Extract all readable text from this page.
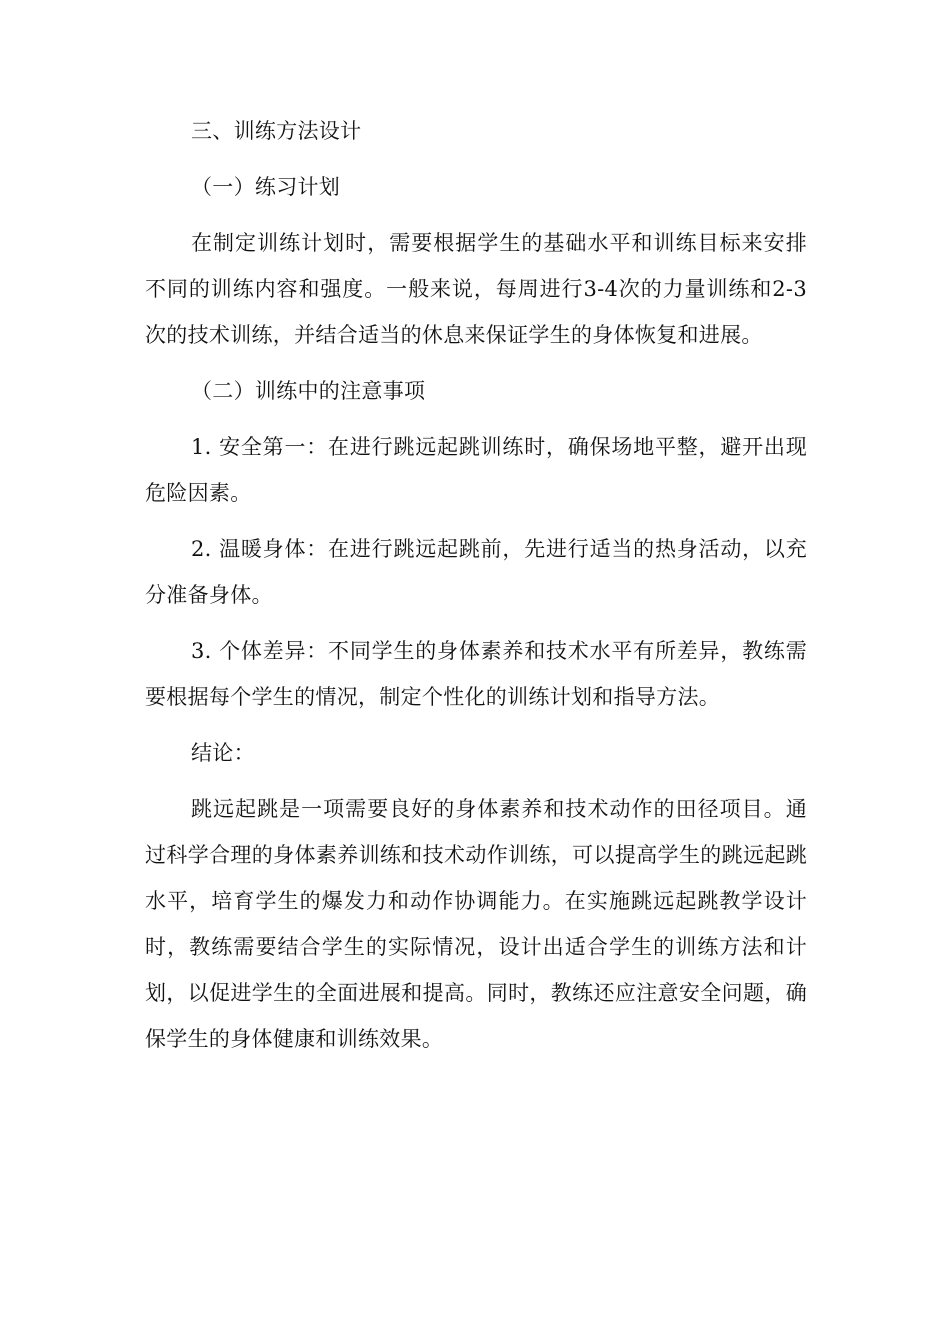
三、训练方法设计

（一）练习计划

在制定训练计划时，需要根据学生的基础水平和训练目标来安排不同的训练内容和强度。一般来说，每周进行3-4次的力量训练和2-3次的技术训练，并结合适当的休息来保证学生的身体恢复和进展。

（二）训练中的注意事项

1. 安全第一：在进行跳远起跳训练时，确保场地平整，避开出现危险因素。

2. 温暖身体：在进行跳远起跳前，先进行适当的热身活动，以充分准备身体。

3. 个体差异：不同学生的身体素养和技术水平有所差异，教练需要根据每个学生的情况，制定个性化的训练计划和指导方法。

结论：

跳远起跳是一项需要良好的身体素养和技术动作的田径项目。通过科学合理的身体素养训练和技术动作训练，可以提高学生的跳远起跳水平，培育学生的爆发力和动作协调能力。在实施跳远起跳教学设计时，教练需要结合学生的实际情况，设计出适合学生的训练方法和计划，以促进学生的全面进展和提高。同时，教练还应注意安全问题，确保学生的身体健康和训练效果。
